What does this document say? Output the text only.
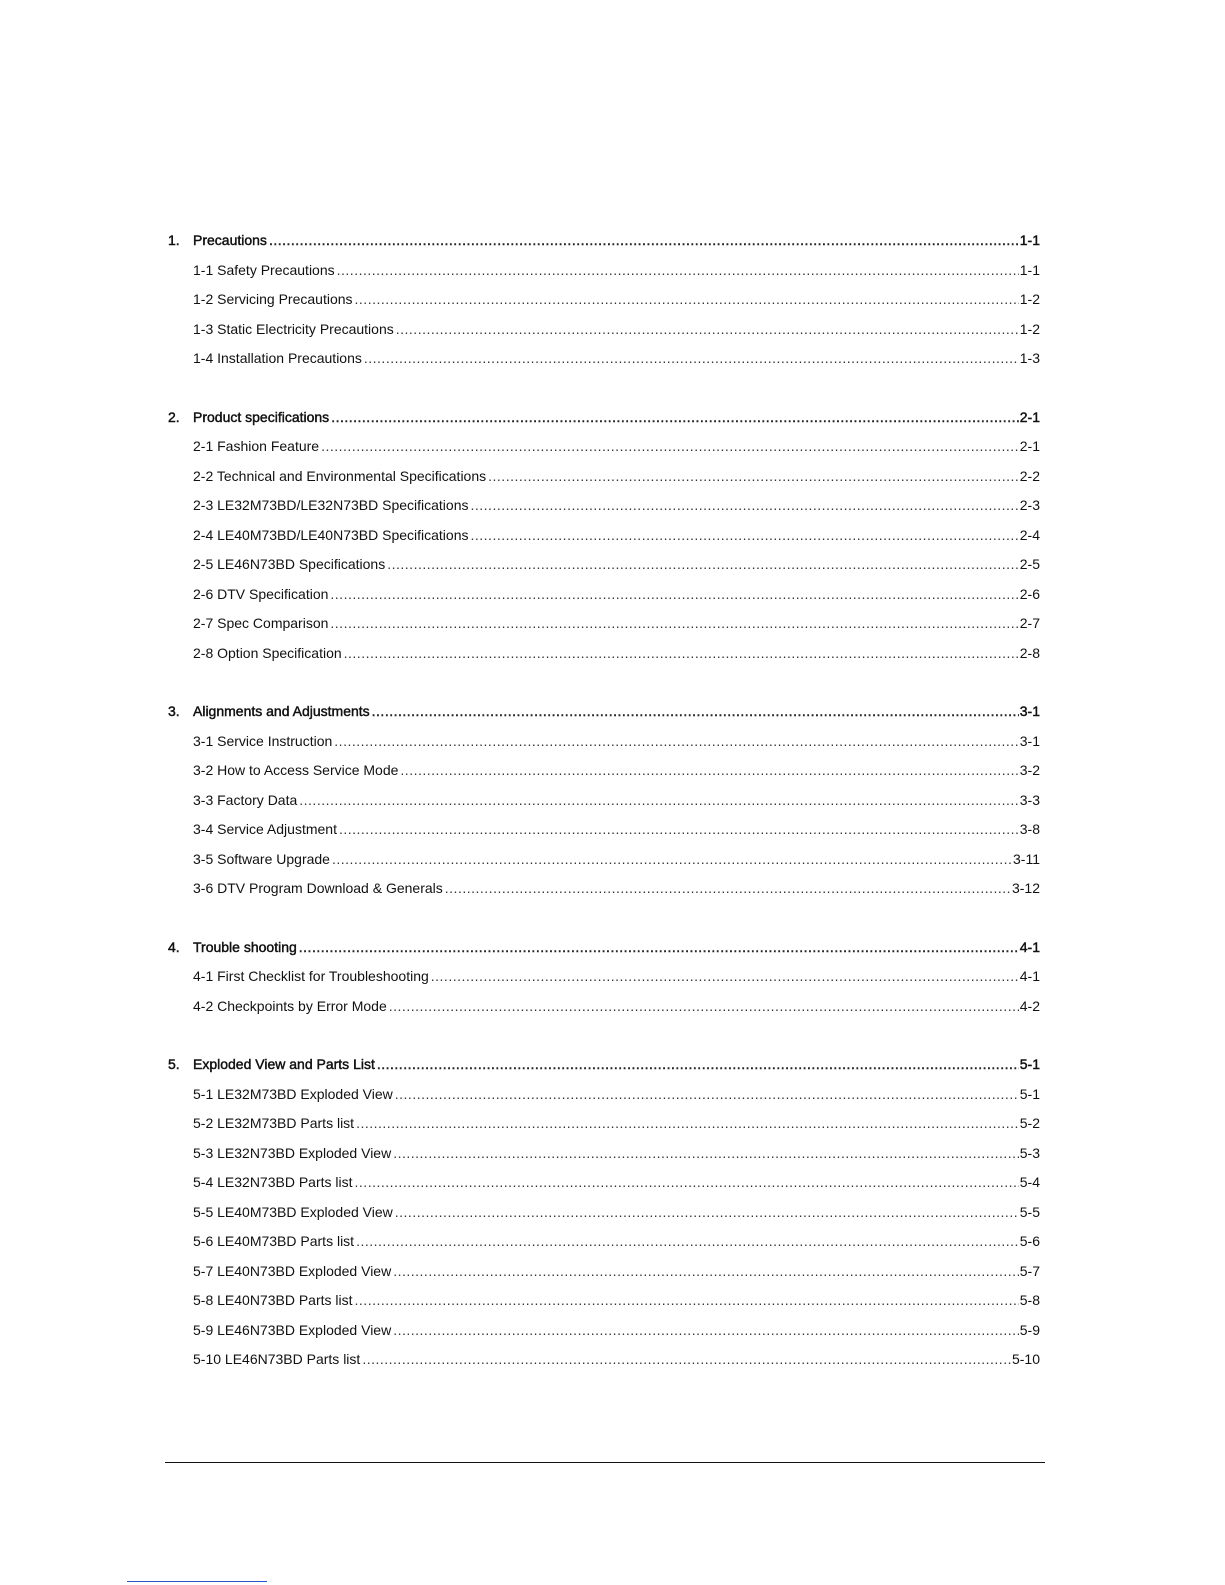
1. Precautions .....	1-1
1-1 Safety Precautions .....	1-1
1-2 Servicing Precautions .....	1-2
1-3 Static Electricity Precautions .....	1-2
1-4 Installation Precautions .....	1-3
2. Product specifications .....	2-1
2-1 Fashion Feature .....	2-1
2-2 Technical and Environmental Specifications .....	2-2
2-3 LE32M73BD/LE32N73BD Specifications .....	2-3
2-4 LE40M73BD/LE40N73BD Specifications .....	2-4
2-5 LE46N73BD Specifications .....	2-5
2-6 DTV Specification .....	2-6
2-7 Spec Comparison .....	2-7
2-8 Option Specification .....	2-8
3. Alignments and Adjustments .....	3-1
3-1 Service Instruction .....	3-1
3-2 How to Access Service Mode .....	3-2
3-3 Factory Data .....	3-3
3-4 Service Adjustment .....	3-8
3-5 Software Upgrade .....	3-11
3-6 DTV Program Download & Generals .....	3-12
4. Trouble shooting .....	4-1
4-1 First Checklist for Troubleshooting .....	4-1
4-2 Checkpoints by Error Mode .....	4-2
5. Exploded View and Parts List .....	5-1
5-1 LE32M73BD Exploded View .....	5-1
5-2 LE32M73BD Parts list .....	5-2
5-3 LE32N73BD Exploded View .....	5-3
5-4 LE32N73BD Parts list .....	5-4
5-5 LE40M73BD Exploded View .....	5-5
5-6 LE40M73BD Parts list .....	5-6
5-7 LE40N73BD Exploded View .....	5-7
5-8 LE40N73BD Parts list .....	5-8
5-9 LE46N73BD Exploded View .....	5-9
5-10 LE46N73BD Parts list .....	5-10
